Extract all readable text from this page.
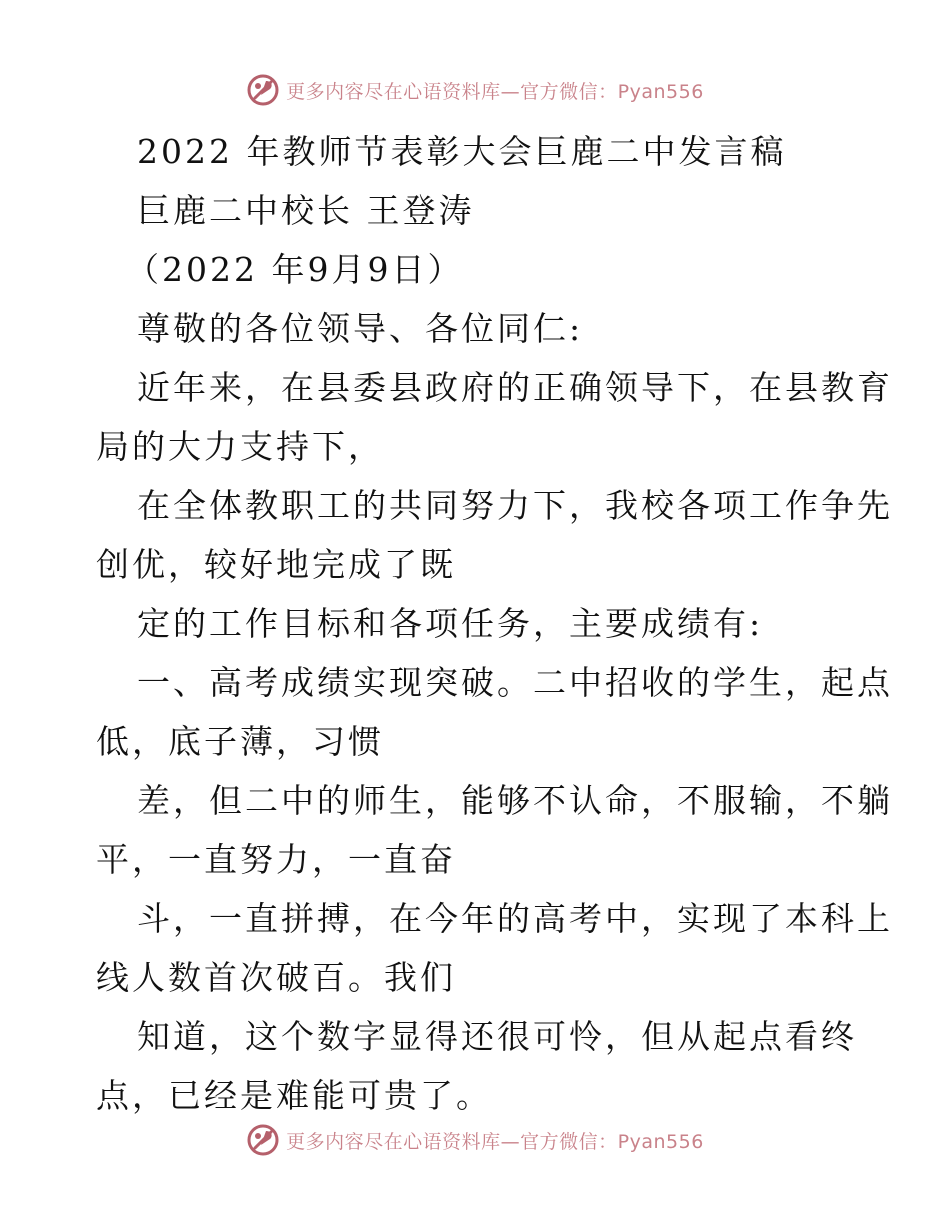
更多内容尽在心语资料库—官方微信：Pyan556
2022 年教师节表彰大会巨鹿二中发言稿
巨鹿二中校长 王登涛
（2022 年9月9日）
尊敬的各位领导、各位同仁:
近年来，在县委县政府的正确领导下，在县教育
局的大力支持下，
在全体教职工的共同努力下，我校各项工作争先
创优，较好地完成了既
定的工作目标和各项任务，主要成绩有:
一、高考成绩实现突破。二中招收的学生，起点
低，底子薄，习惯
差，但二中的师生，能够不认命，不服输，不躺
平，一直努力，一直奋
斗，一直拼搏，在今年的高考中，实现了本科上
线人数首次破百。我们
知道，这个数字显得还很可怜，但从起点看终
点，已经是难能可贵了。
更多内容尽在心语资料库—官方微信：Pyan556
